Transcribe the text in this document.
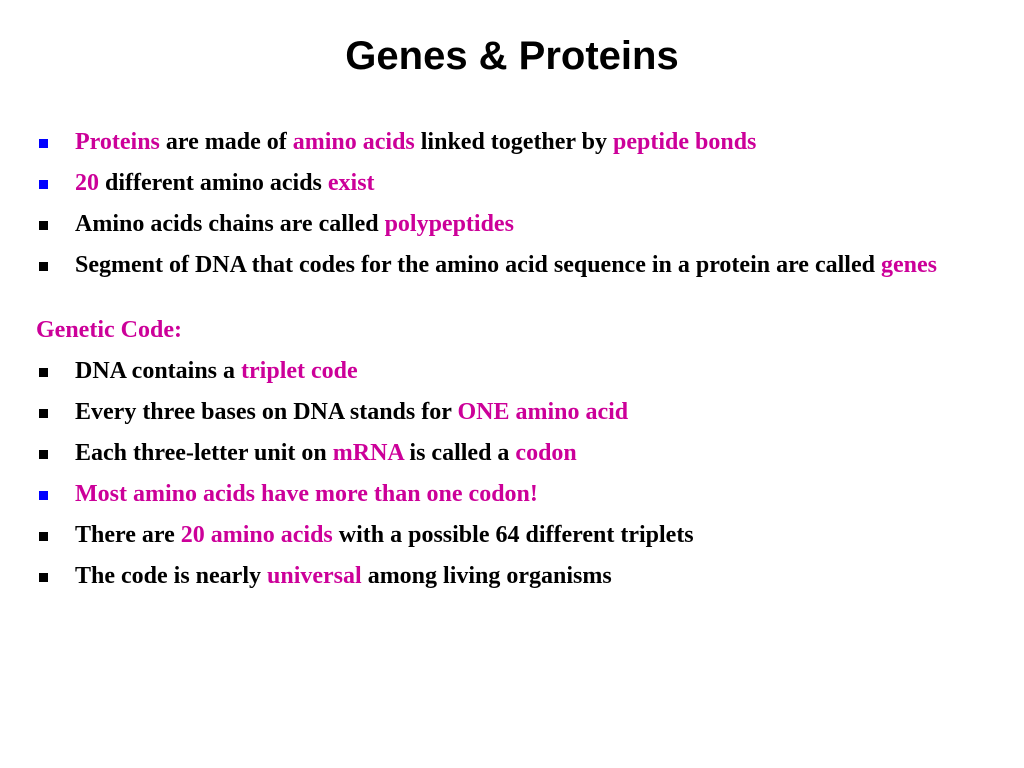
Genes & Proteins
Proteins are made of amino acids linked together by peptide bonds
20 different amino acids exist
Amino acids chains are called polypeptides
Segment of DNA that codes for the amino acid sequence in a protein are called genes
Genetic Code:
DNA contains a triplet code
Every three bases on DNA stands for ONE amino acid
Each three-letter unit on mRNA is called a codon
Most amino acids have more than one codon!
There are 20 amino acids with a possible 64 different triplets
The code is nearly universal among living organisms
